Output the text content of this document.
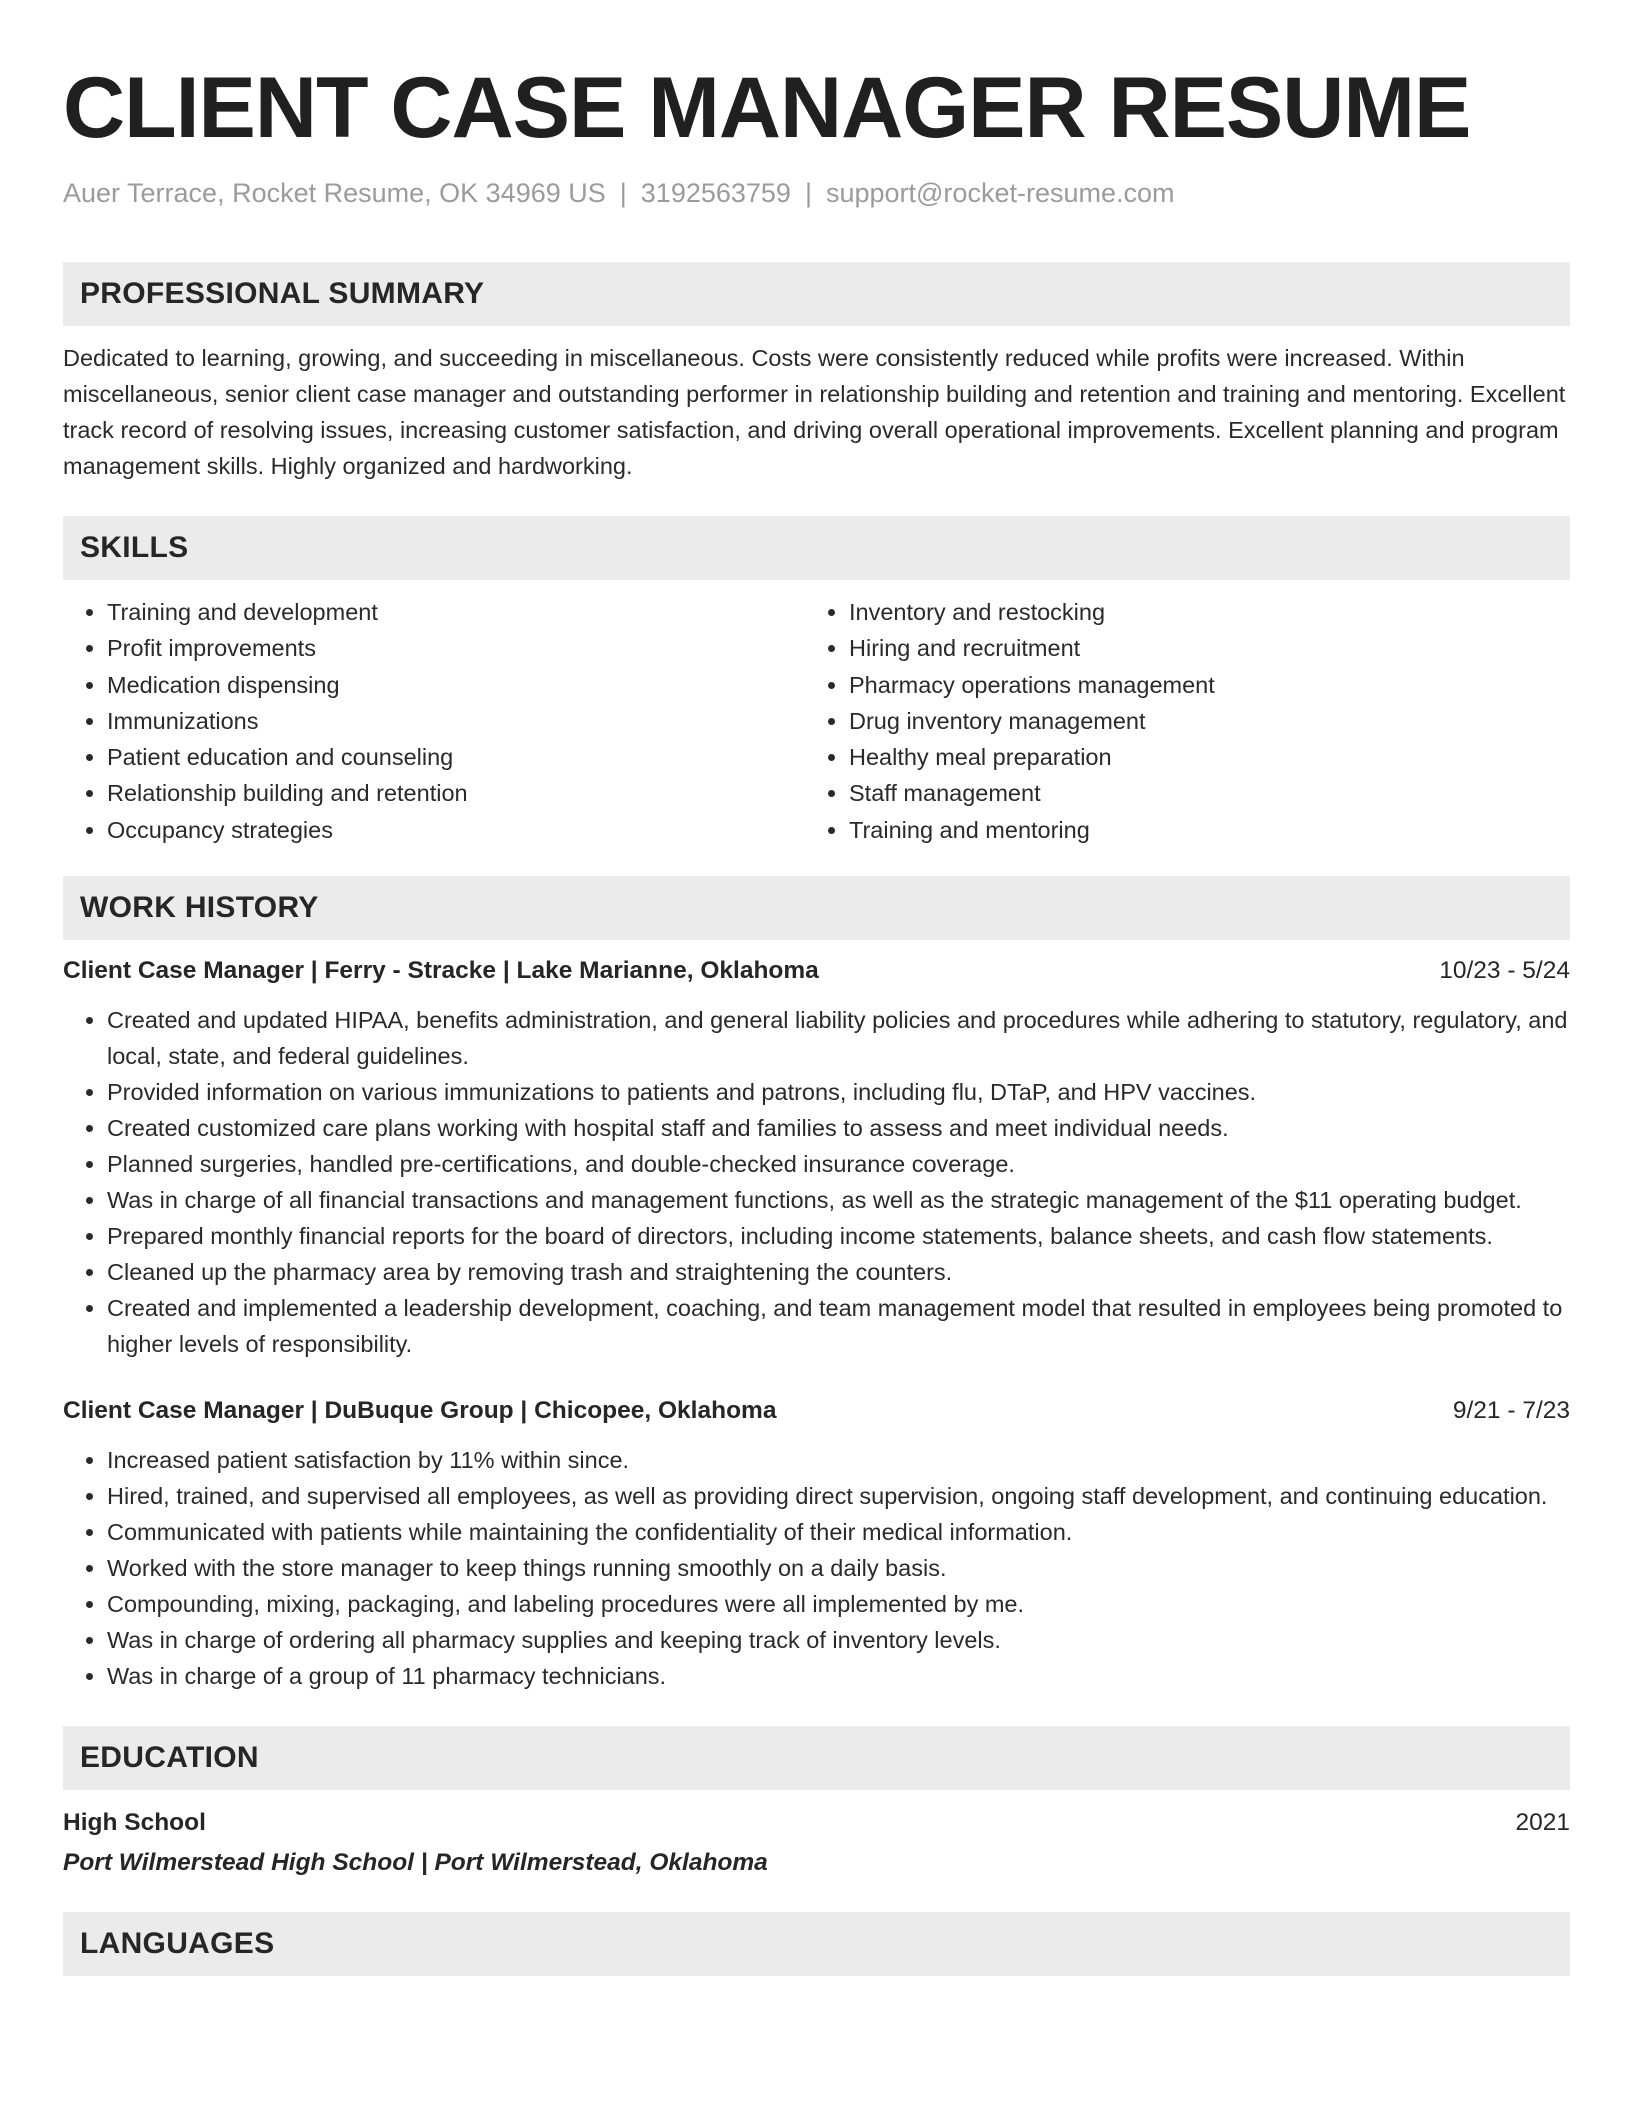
CLIENT CASE MANAGER RESUME
Auer Terrace, Rocket Resume, OK 34969 US | 3192563759 | support@rocket-resume.com
PROFESSIONAL SUMMARY
Dedicated to learning, growing, and succeeding in miscellaneous. Costs were consistently reduced while profits were increased. Within miscellaneous, senior client case manager and outstanding performer in relationship building and retention and training and mentoring. Excellent track record of resolving issues, increasing customer satisfaction, and driving overall operational improvements. Excellent planning and program management skills. Highly organized and hardworking.
SKILLS
• Training and development
• Profit improvements
• Medication dispensing
• Immunizations
• Patient education and counseling
• Relationship building and retention
• Occupancy strategies
• Inventory and restocking
• Hiring and recruitment
• Pharmacy operations management
• Drug inventory management
• Healthy meal preparation
• Staff management
• Training and mentoring
WORK HISTORY
Client Case Manager | Ferry - Stracke | Lake Marianne, Oklahoma	10/23 - 5/24
• Created and updated HIPAA, benefits administration, and general liability policies and procedures while adhering to statutory, regulatory, and local, state, and federal guidelines.
• Provided information on various immunizations to patients and patrons, including flu, DTaP, and HPV vaccines.
• Created customized care plans working with hospital staff and families to assess and meet individual needs.
• Planned surgeries, handled pre-certifications, and double-checked insurance coverage.
• Was in charge of all financial transactions and management functions, as well as the strategic management of the $11 operating budget.
• Prepared monthly financial reports for the board of directors, including income statements, balance sheets, and cash flow statements.
• Cleaned up the pharmacy area by removing trash and straightening the counters.
• Created and implemented a leadership development, coaching, and team management model that resulted in employees being promoted to higher levels of responsibility.
Client Case Manager | DuBuque Group | Chicopee, Oklahoma	9/21 - 7/23
• Increased patient satisfaction by 11% within since.
• Hired, trained, and supervised all employees, as well as providing direct supervision, ongoing staff development, and continuing education.
• Communicated with patients while maintaining the confidentiality of their medical information.
• Worked with the store manager to keep things running smoothly on a daily basis.
• Compounding, mixing, packaging, and labeling procedures were all implemented by me.
• Was in charge of ordering all pharmacy supplies and keeping track of inventory levels.
• Was in charge of a group of 11 pharmacy technicians.
EDUCATION
High School	2021
Port Wilmerstead High School | Port Wilmerstead, Oklahoma
LANGUAGES
